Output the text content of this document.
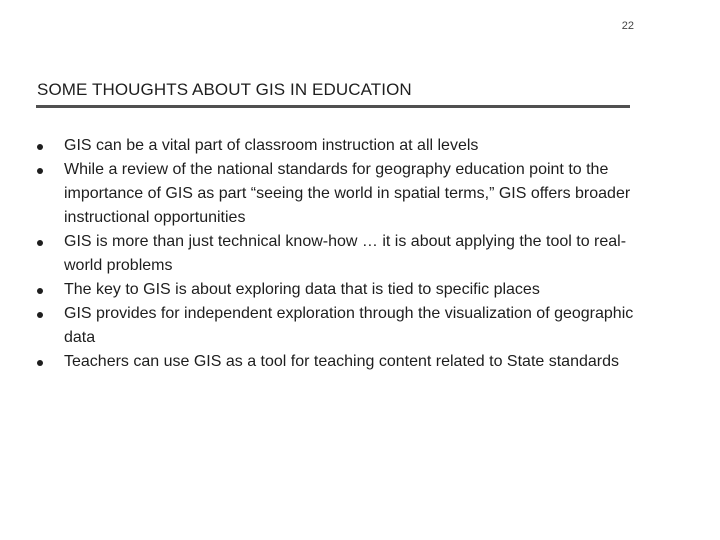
22
SOME THOUGHTS ABOUT GIS IN EDUCATION
GIS can be a vital part of classroom instruction at all levels
While a review of the national standards for geography education point to the importance of GIS as part “seeing the world in spatial terms,” GIS offers broader instructional opportunities
GIS is more than just technical know-how … it is about applying the tool to real-world problems
The key to GIS is about exploring data that is tied to specific places
GIS provides for independent exploration through the visualization of geographic data
Teachers can use GIS as a tool for teaching content related to State standards
